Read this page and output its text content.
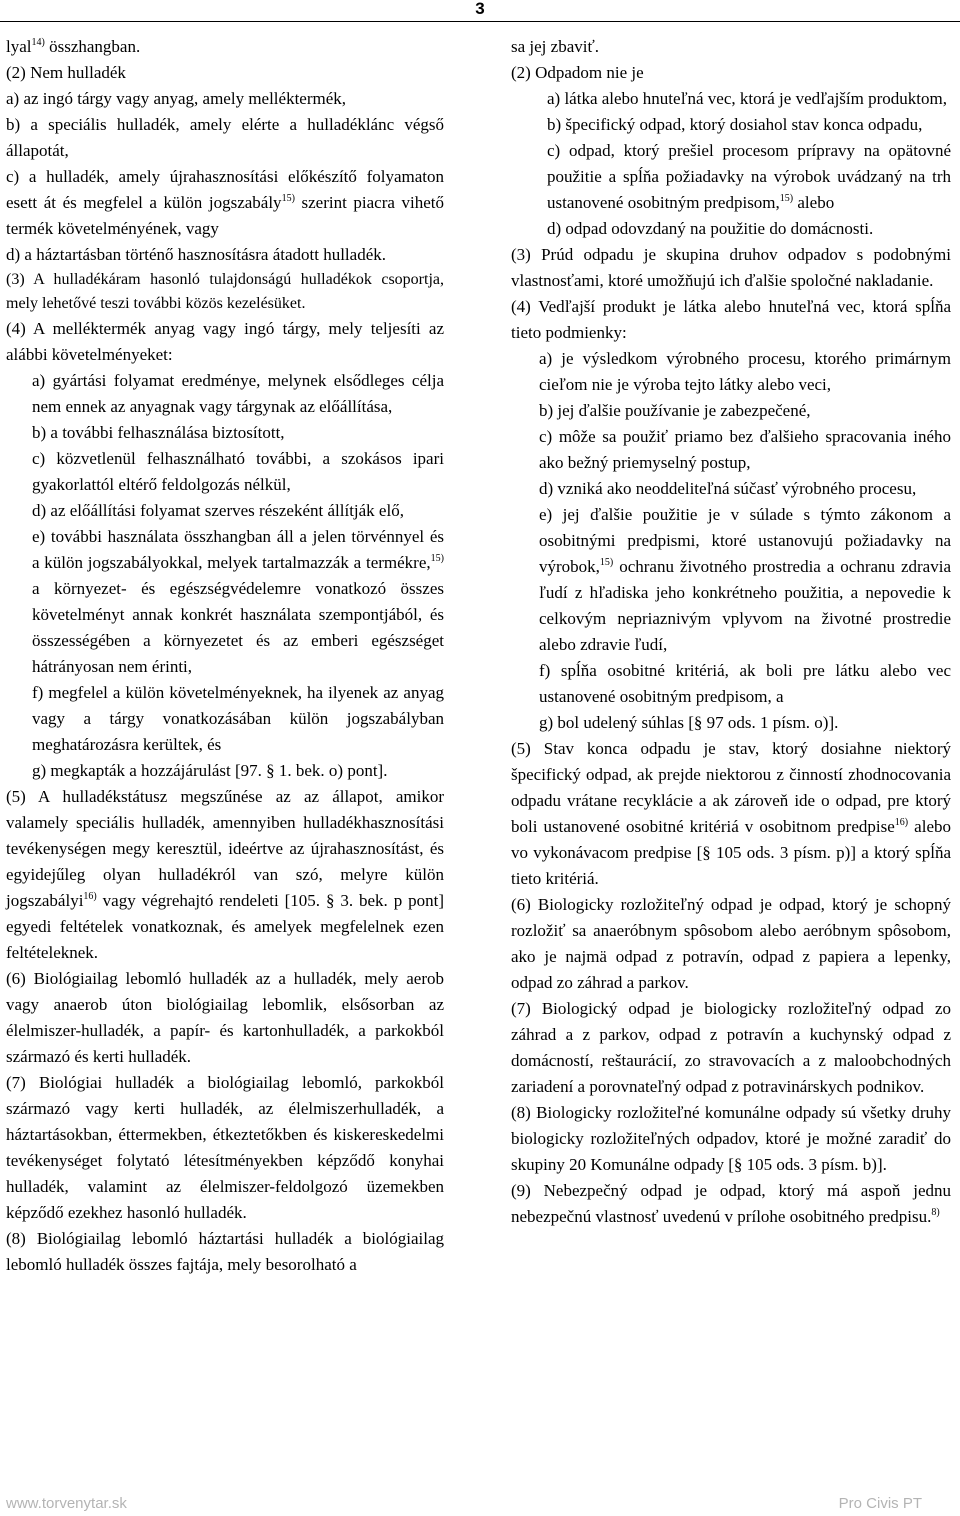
3

lyal$^{14)}$ összhangban.

(2) Nem hulladék

a) az ingó tárgy vagy anyag, amely melléktermék,

b) a speciális hulladék, amely elérte a hulladéklánc végső állapotát,

c) a hulladék, amely újrahasznosítási előkészítő folyamaton esett át és megfelel a külön jogszabály$^{15)}$ szerint piacra vihető termék követelményének, vagy

d) a háztartásban történő hasznosításra átadott hulladék.

(3) A hulladékáram hasonló tulajdonságú hulladékok csoportja, mely lehetővé teszi további közös kezelésüket.

(4) A melléktermék anyag vagy ingó tárgy, mely teljesíti az alábbi követelményeket:

a) gyártási folyamat eredménye, melynek elsődleges célja nem ennek az anyagnak vagy tárgynak az előállítása,

b) a további felhasználása biztosított,

c) közvetlenül felhasználható további, a szokásos ipari gyakorlattól eltérő feldolgozás nélkül,

d) az előállítási folyamat szerves részeként állítják elő,

e) további használata összhangban áll a jelen törvénnyel és a külön jogszabályokkal, melyek tartalmazzák a termékre,$^{15)}$ a környezet- és egészségvédelemre vonatkozó összes követelményt annak konkrét használata szempontjából, és összességében a környezetet és az emberi egészséget hátrányosan nem érinti,

f) megfelel a külön követelményeknek, ha ilyenek az anyag vagy a tárgy vonatkozásában külön jogszabályban meghatározásra kerültek, és

g) megkapták a hozzájárulást [97. § 1. bek. o) pont].

(5) A hulladékstátusz megszűnése az az állapot, amikor valamely speciális hulladék, amennyiben hulladékhasznosítási tevékenységen megy keresztül, ideértve az újrahasznosítást, és egyidejűleg olyan hulladékról van szó, melyre külön jogszabályi$^{16)}$ vagy végrehajtó rendeleti [105. § 3. bek. p pont] egyedi feltételek vonatkoznak, és amelyek megfelelnek ezen feltételeknek.

(6) Biológiailag lebomló hulladék az a hulladék, mely aerob vagy anaerob úton biológiailag lebomlik, elsősorban az élelmiszer-hulladék, a papír- és kartonhulladék, a parkokból származó és kerti hulladék.

(7) Biológiai hulladék a biológiailag lebomló, parkokból származó vagy kerti hulladék, az élelmiszerhulladék, a háztartásokban, éttermekben, étkeztetőkben és kiskereskedelmi tevékenységet folytató létesítményekben képződő konyhai hulladék, valamint az élelmiszer-feldolgozó üzemekben képződő ezekhez hasonló hulladék.

(8) Biológiailag lebomló háztartási hulladék a biológiailag lebomló hulladék összes fajtája, mely besorolható a

sa jej zbaviť.

(2) Odpadom nie je

a) látka alebo hnuteľná vec, ktorá je vedľajším produktom,

b) špecifický odpad, ktorý dosiahol stav konca odpadu,

c) odpad, ktorý prešiel procesom prípravy na opätovné použitie a spĺňa požiadavky na výrobok uvádzaný na trh ustanovené osobitným predpisom,$^{15)}$ alebo

d) odpad odovzdaný na použitie do domácnosti.

(3) Prúd odpadu je skupina druhov odpadov s podobnými vlastnosťami, ktoré umožňujú ich ďalšie spoločné nakladanie.

(4) Vedľajší produkt je látka alebo hnuteľná vec, ktorá spĺňa tieto podmienky:

a) je výsledkom výrobného procesu, ktorého primárnym cieľom nie je výroba tejto látky alebo veci,

b) jej ďalšie používanie je zabezpečené,

c) môže sa použiť priamo bez ďalšieho spracovania iného ako bežný priemyselný postup,

d) vzniká ako neoddeliteľná súčasť výrobného procesu,

e) jej ďalšie použitie je v súlade s týmto zákonom a osobitnými predpismi, ktoré ustanovujú požiadavky na výrobok,$^{15)}$ ochranu životného prostredia a ochranu zdravia ľudí z hľadiska jeho konkrétneho použitia, a nepovedie k celkovým nepriaznivým vplyvom na životné prostredie alebo zdravie ľudí,

f) spĺňa osobitné kritériá, ak boli pre látku alebo vec ustanovené osobitným predpisom, a

g) bol udelený súhlas [§ 97 ods. 1 písm. o)].

(5) Stav konca odpadu je stav, ktorý dosiahne niektorý špecifický odpad, ak prejde niektorou z činností zhodnocovania odpadu vrátane recyklácie a ak zároveň ide o odpad, pre ktorý boli ustanovené osobitné kritériá v osobitnom predpise$^{16)}$ alebo vo vykonávacom predpise [§ 105 ods. 3 písm. p)] a ktorý spĺňa tieto kritériá.

(6) Biologicky rozložiteľný odpad je odpad, ktorý je schopný rozložiť sa anaeróbnym spôsobom alebo aeróbnym spôsobom, ako je najmä odpad z potravín, odpad z papiera a lepenky, odpad zo záhrad a parkov.

(7) Biologický odpad je biologicky rozložiteľný odpad zo záhrad a z parkov, odpad z potravín a kuchynský odpad z domácností, reštaurácií, zo stravovacích a z maloobchodných zariadení a porovnateľný odpad z potravinárskych podnikov.

(8) Biologicky rozložiteľné komunálne odpady sú všetky druhy biologicky rozložiteľných odpadov, ktoré je možné zaradiť do skupiny 20 Komunálne odpady [§ 105 ods. 3 písm. b)].

(9) Nebezpečný odpad je odpad, ktorý má aspoň jednu nebezpečnú vlastnosť uvedenú v prílohe osobitného predpisu.$^{8)}$

www.torvenytar.sk	Pro Civis PT
